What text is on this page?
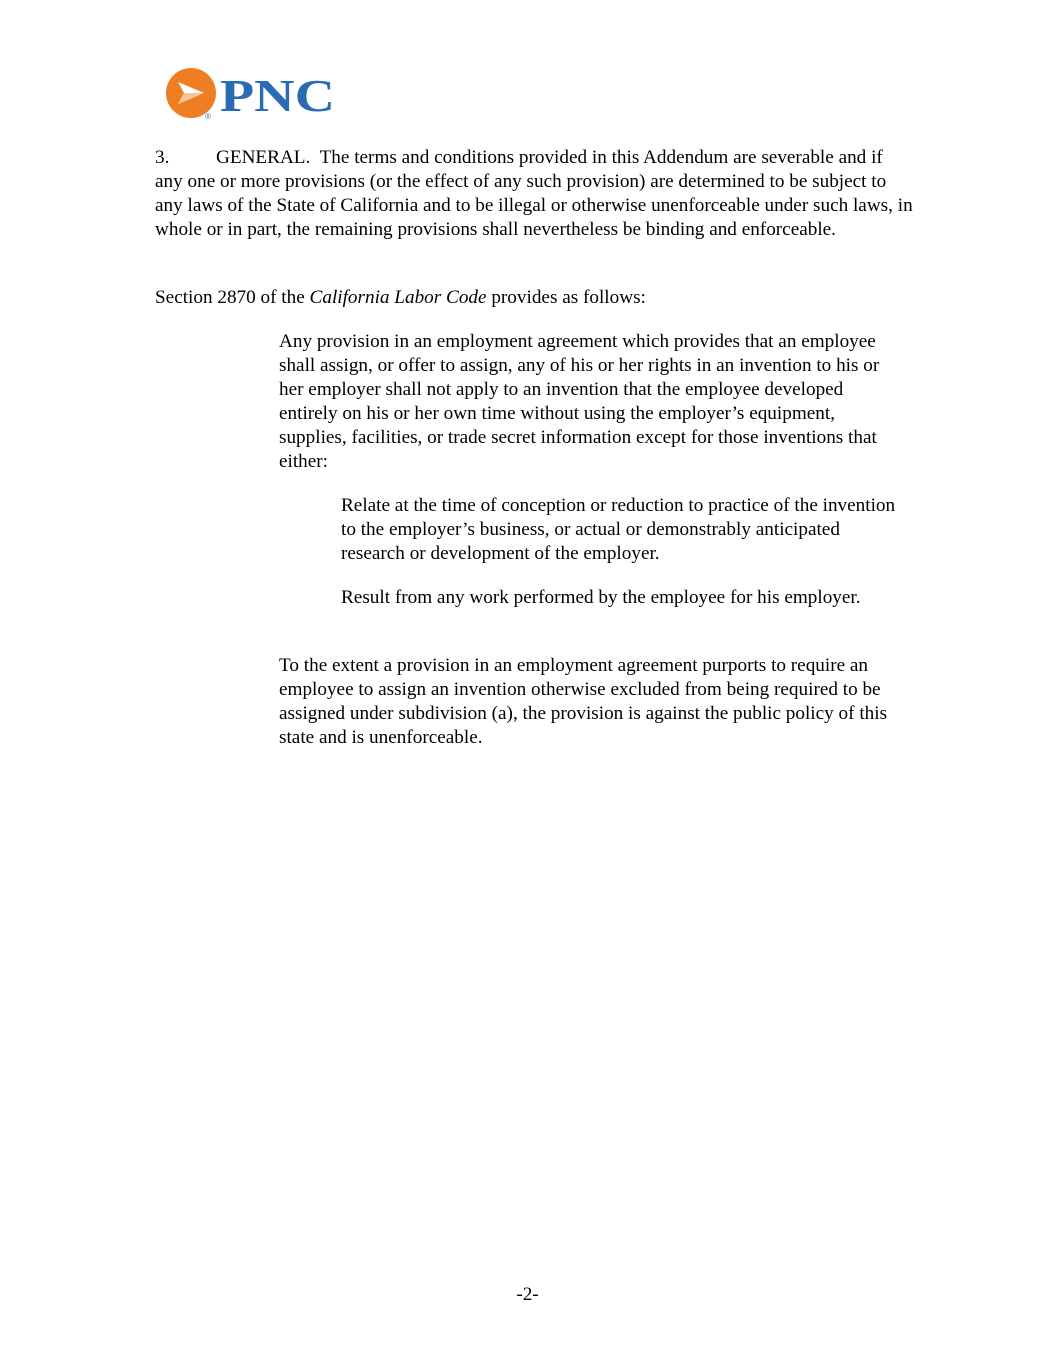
® PNC
3. GENERAL. The terms and conditions provided in this Addendum are severable and if any one or more provisions (or the effect of any such provision) are determined to be subject to any laws of the State of California and to be illegal or otherwise unenforceable under such laws, in whole or in part, the remaining provisions shall nevertheless be binding and enforceable.
Section 2870 of the California Labor Code provides as follows:
Any provision in an employment agreement which provides that an employee shall assign, or offer to assign, any of his or her rights in an invention to his or her employer shall not apply to an invention that the employee developed entirely on his or her own time without using the employer’s equipment, supplies, facilities, or trade secret information except for those inventions that either:
Relate at the time of conception or reduction to practice of the invention to the employer’s business, or actual or demonstrably anticipated research or development of the employer.
Result from any work performed by the employee for his employer.
To the extent a provision in an employment agreement purports to require an employee to assign an invention otherwise excluded from being required to be assigned under subdivision (a), the provision is against the public policy of this state and is unenforceable.
-2-
